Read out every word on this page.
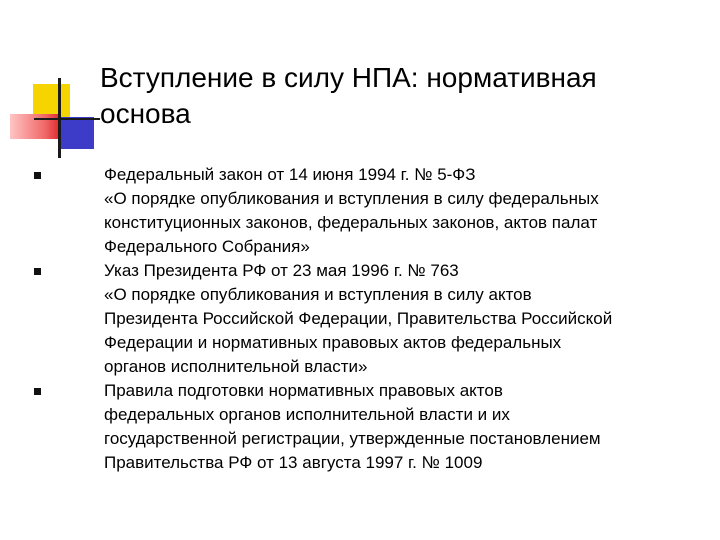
Вступление в силу НПА: нормативная
основа
Федеральный закон от 14 июня 1994 г. № 5-ФЗ
«О порядке опубликования и вступления в силу федеральных
конституционных законов, федеральных законов, актов палат
Федерального Собрания»
Указ Президента РФ от 23 мая 1996 г. № 763
«О порядке опубликования и вступления в силу актов
Президента Российской Федерации, Правительства Российской
Федерации и нормативных правовых актов федеральных
органов исполнительной власти»
Правила подготовки нормативных правовых актов
федеральных органов исполнительной власти и их
государственной регистрации, утвержденные постановлением
Правительства РФ от 13 августа 1997 г. № 1009
